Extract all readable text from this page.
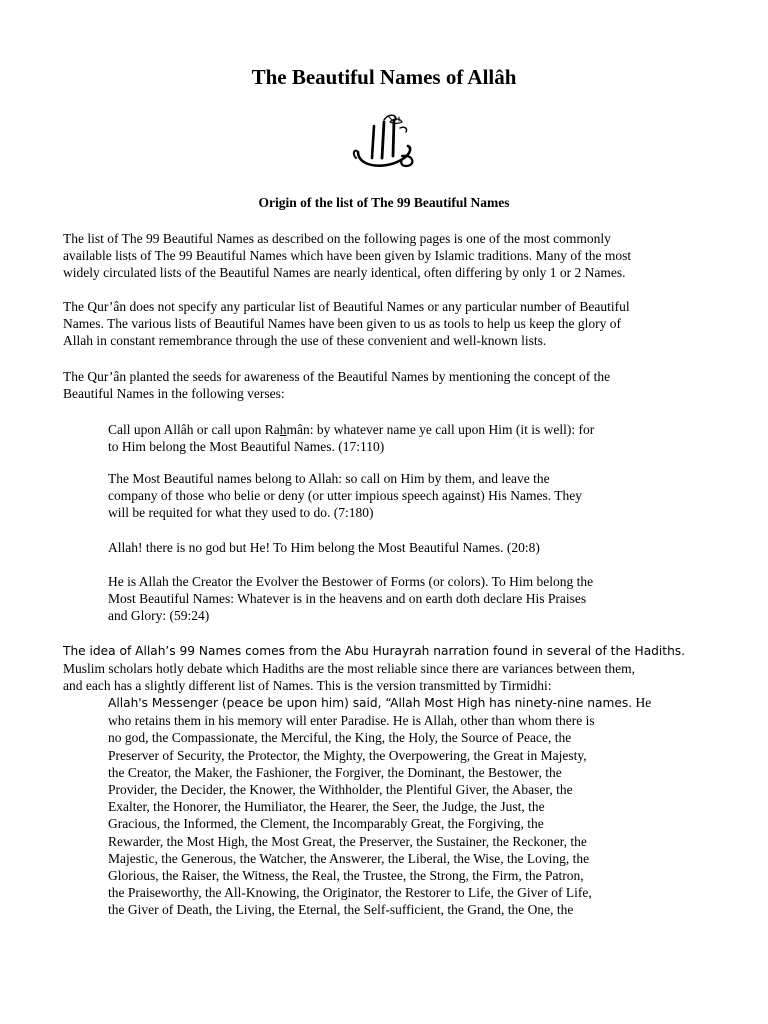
The Beautiful Names of Allâh
Origin of the list of The 99 Beautiful Names
The list of The 99 Beautiful Names as described on the following pages is one of the most commonly
available lists of The 99 Beautiful Names which have been given by Islamic traditions. Many of the most
widely circulated lists of the Beautiful Names are nearly identical, often differing by only 1 or 2 Names.
The Qur’ân does not specify any particular list of Beautiful Names or any particular number of Beautiful
Names. The various lists of Beautiful Names have been given to us as tools to help us keep the glory of
Allah in constant remembrance through the use of these convenient and well-known lists.
The Qur’ân planted the seeds for awareness of the Beautiful Names by mentioning the concept of the
Beautiful Names in the following verses:
Call upon Allâh or call upon Rahmân: by whatever name ye call upon Him (it is well): for
to Him belong the Most Beautiful Names. (17:110)
The Most Beautiful names belong to Allah: so call on Him by them, and leave the
company of those who belie or deny (or utter impious speech against) His Names. They
will be requited for what they used to do. (7:180)
Allah! there is no god but He! To Him belong the Most Beautiful Names. (20:8)
He is Allah the Creator the Evolver the Bestower of Forms (or colors). To Him belong the
Most Beautiful Names: Whatever is in the heavens and on earth doth declare His Praises
and Glory: (59:24)
The idea of Allah’s 99 Names comes from the Abu Hurayrah narration found in several of the Hadiths.
Muslim scholars hotly debate which Hadiths are the most reliable since there are variances between them,
and each has a slightly different list of Names. This is the version transmitted by Tirmidhi:
Allah's Messenger (peace be upon him) said, “Allah Most High has ninety-nine names. He
who retains them in his memory will enter Paradise. He is Allah, other than whom there is
no god, the Compassionate, the Merciful, the King, the Holy, the Source of Peace, the
Preserver of Security, the Protector, the Mighty, the Overpowering, the Great in Majesty,
the Creator, the Maker, the Fashioner, the Forgiver, the Dominant, the Bestower, the
Provider, the Decider, the Knower, the Withholder, the Plentiful Giver, the Abaser, the
Exalter, the Honorer, the Humiliator, the Hearer, the Seer, the Judge, the Just, the
Gracious, the Informed, the Clement, the Incomparably Great, the Forgiving, the
Rewarder, the Most High, the Most Great, the Preserver, the Sustainer, the Reckoner, the
Majestic, the Generous, the Watcher, the Answerer, the Liberal, the Wise, the Loving, the
Glorious, the Raiser, the Witness, the Real, the Trustee, the Strong, the Firm, the Patron,
the Praiseworthy, the All-Knowing, the Originator, the Restorer to Life, the Giver of Life,
the Giver of Death, the Living, the Eternal, the Self-sufficient, the Grand, the One, the
